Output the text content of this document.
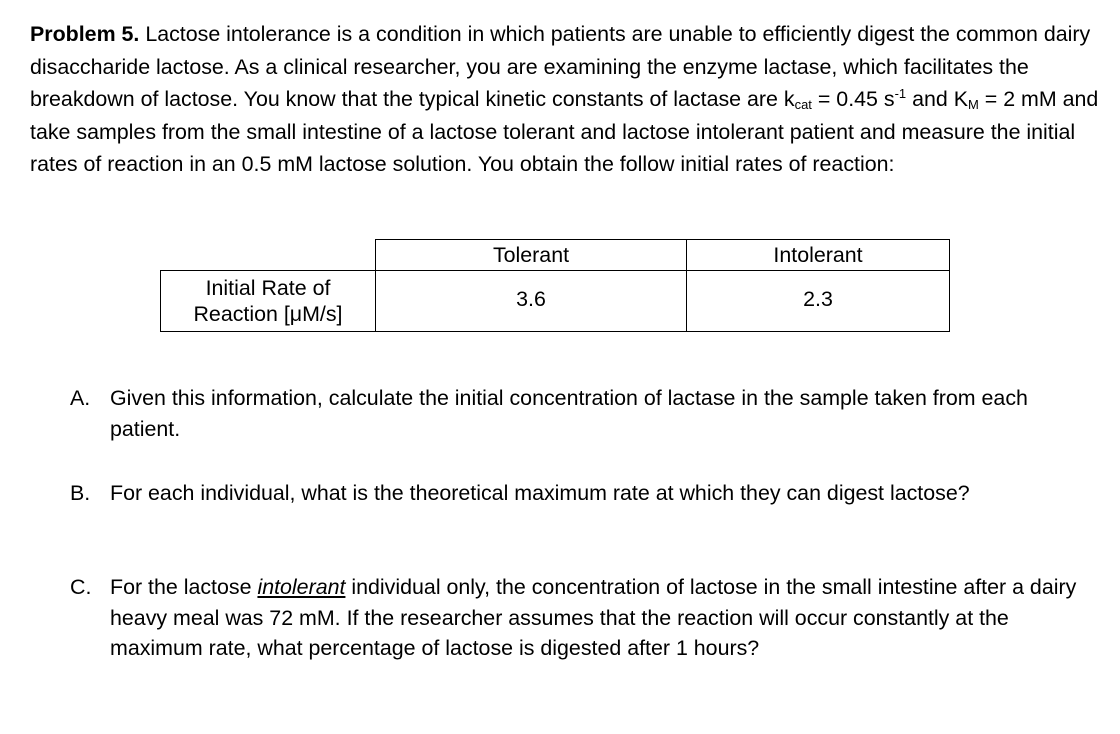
Problem 5. Lactose intolerance is a condition in which patients are unable to efficiently digest the common dairy disaccharide lactose. As a clinical researcher, you are examining the enzyme lactase, which facilitates the breakdown of lactose. You know that the typical kinetic constants of lactase are $k_{cat} = 0.45$ $s^{-1}$ and $K_M = 2$ mM and take samples from the small intestine of a lactose tolerant and lactose intolerant patient and measure the initial rates of reaction in an 0.5 mM lactose solution. You obtain the follow initial rates of reaction:

	Tolerant	Intolerant
Initial Rate of
Reaction [μM/s]	3.6	2.3
A. Given this information, calculate the initial concentration of lactase in the sample taken from each patient.
B. For each individual, what is the theoretical maximum rate at which they can digest lactose?
C. For the lactose intolerant individual only, the concentration of lactose in the small intestine after a dairy heavy meal was 72 mM. If the researcher assumes that the reaction will occur constantly at the maximum rate, what percentage of lactose is digested after 1 hours?
